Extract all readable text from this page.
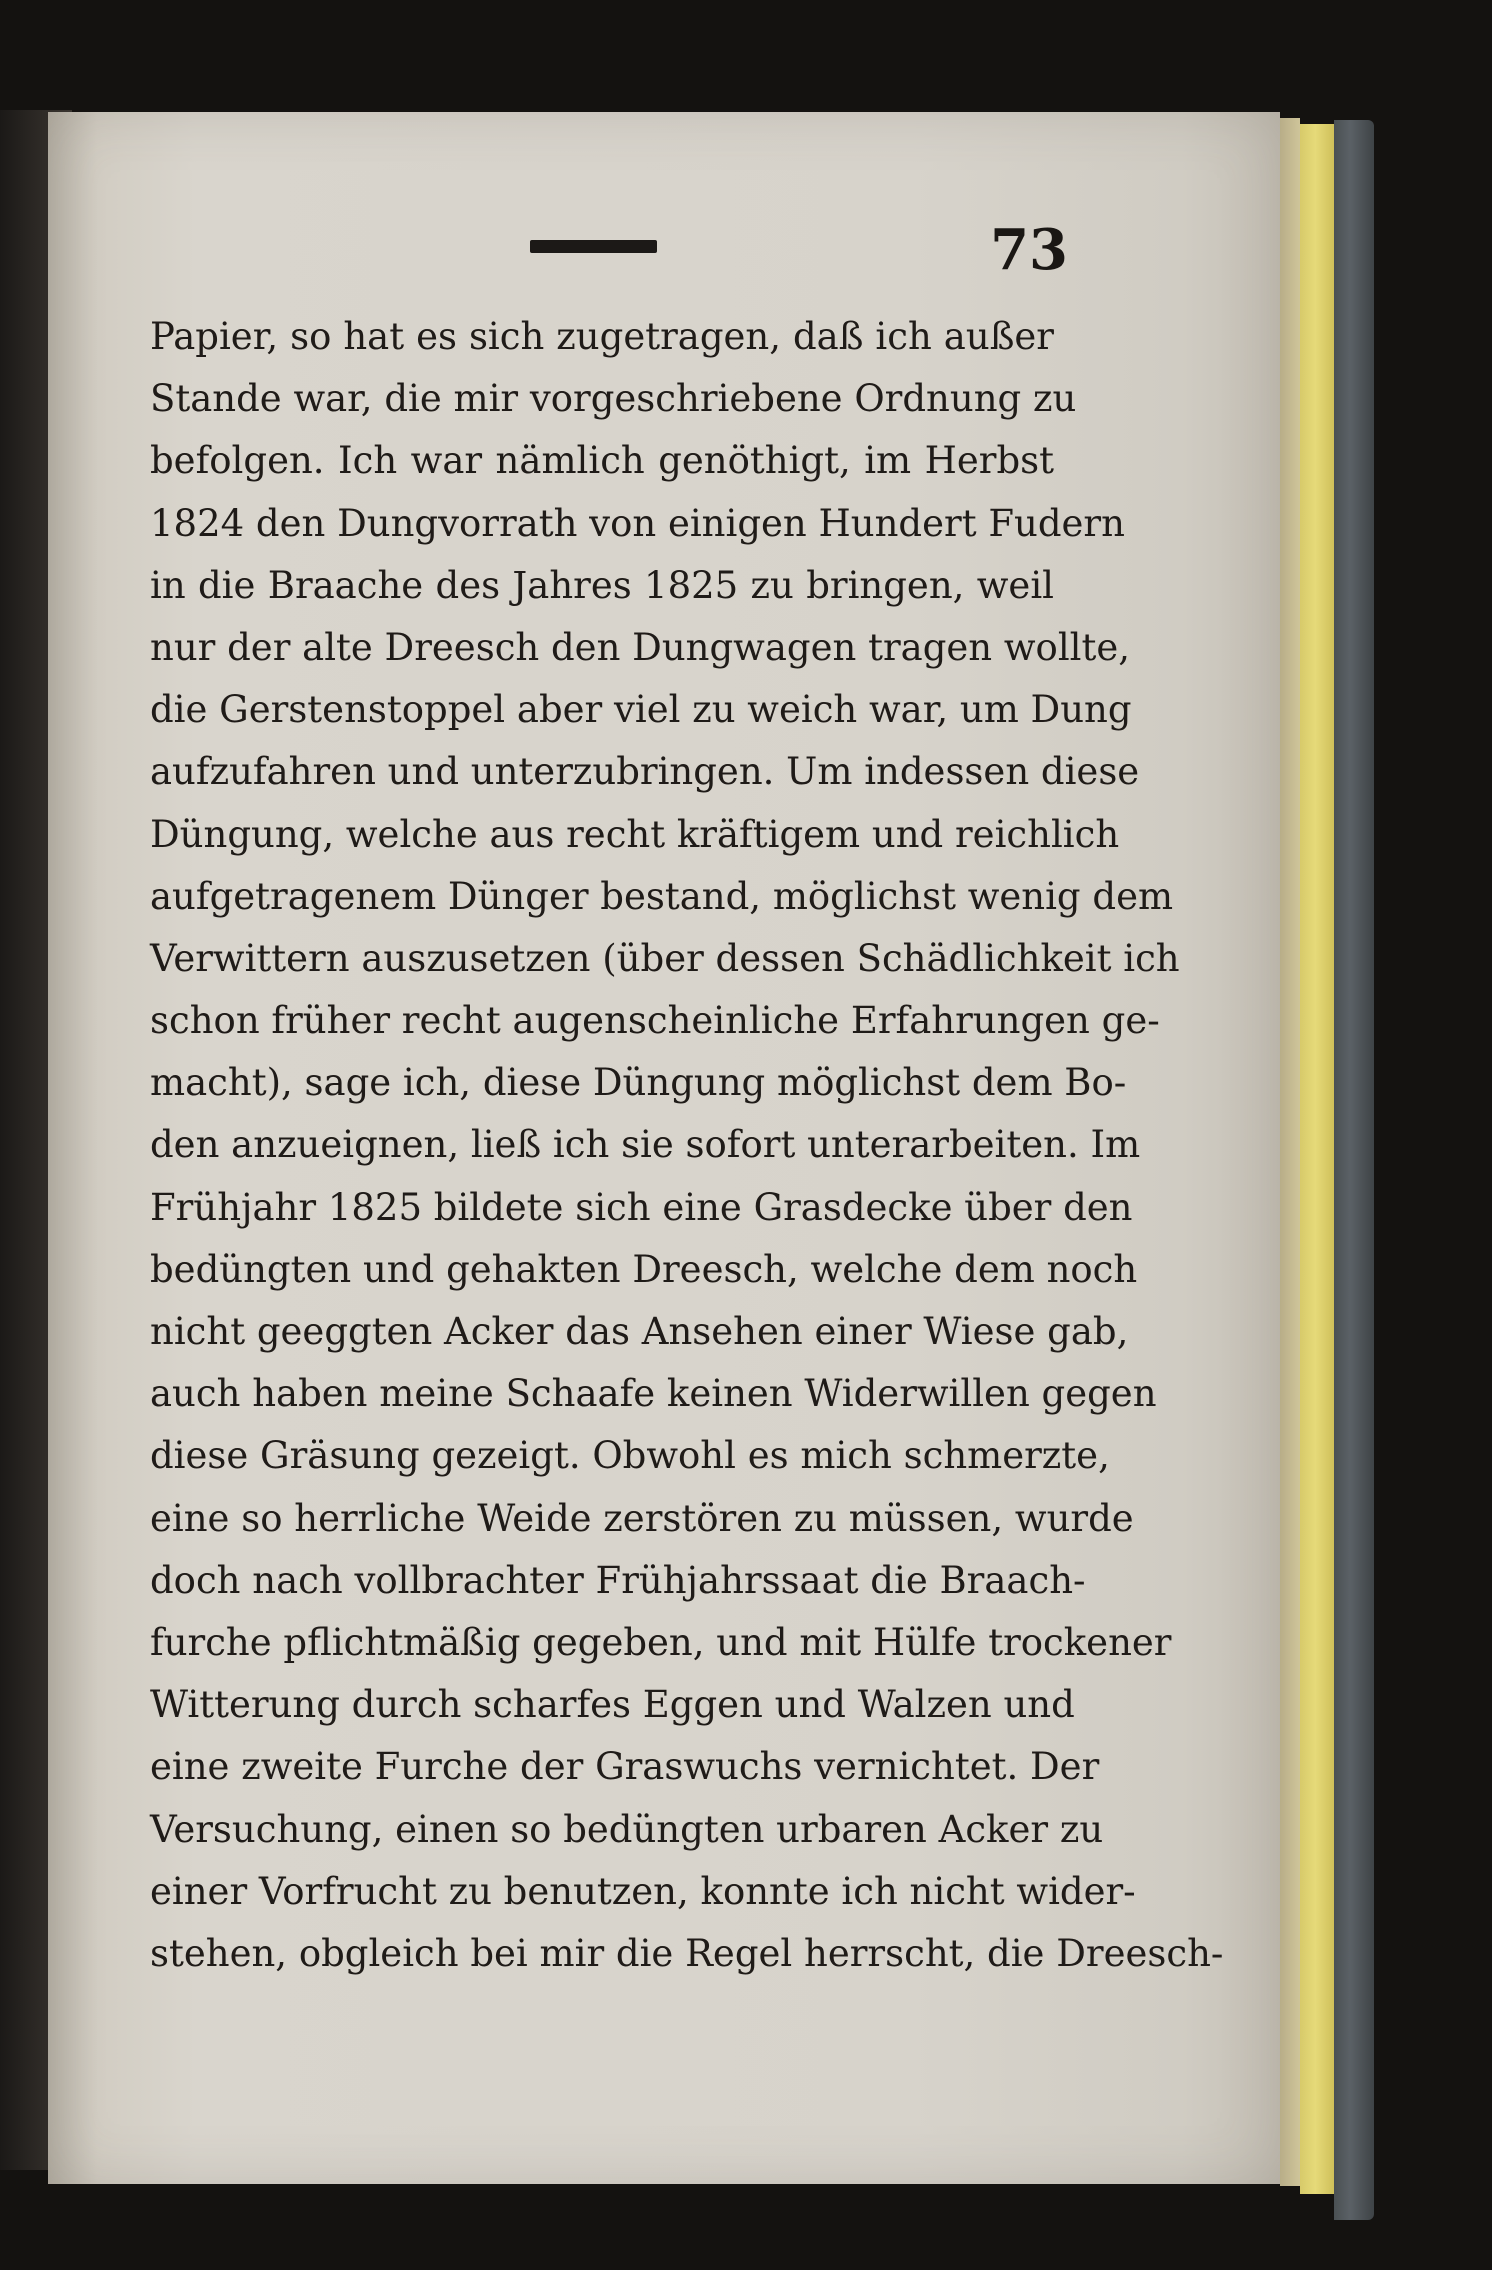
73
Papier, so hat es sich zugetragen, daß ich außer
Stande war, die mir vorgeschriebene Ordnung zu
befolgen. Ich war nämlich genöthigt, im Herbst
1824 den Dungvorrath von einigen Hundert Fudern
in die Braache des Jahres 1825 zu bringen, weil
nur der alte Dreesch den Dungwagen tragen wollte,
die Gerstenstoppel aber viel zu weich war, um Dung
aufzufahren und unterzubringen. Um indessen diese
Düngung, welche aus recht kräftigem und reichlich
aufgetragenem Dünger bestand, möglichst wenig dem
Verwittern auszusetzen (über dessen Schädlichkeit ich
schon früher recht augenscheinliche Erfahrungen ge-
macht), sage ich, diese Düngung möglichst dem Bo-
den anzueignen, ließ ich sie sofort unterarbeiten. Im
Frühjahr 1825 bildete sich eine Grasdecke über den
bedüngten und gehakten Dreesch, welche dem noch
nicht geeggten Acker das Ansehen einer Wiese gab,
auch haben meine Schaafe keinen Widerwillen gegen
diese Gräsung gezeigt. Obwohl es mich schmerzte,
eine so herrliche Weide zerstören zu müssen, wurde
doch nach vollbrachter Frühjahrssaat die Braach-
furche pflichtmäßig gegeben, und mit Hülfe trockener
Witterung durch scharfes Eggen und Walzen und
eine zweite Furche der Graswuchs vernichtet. Der
Versuchung, einen so bedüngten urbaren Acker zu
einer Vorfrucht zu benutzen, konnte ich nicht wider-
stehen, obgleich bei mir die Regel herrscht, die Dreesch-
